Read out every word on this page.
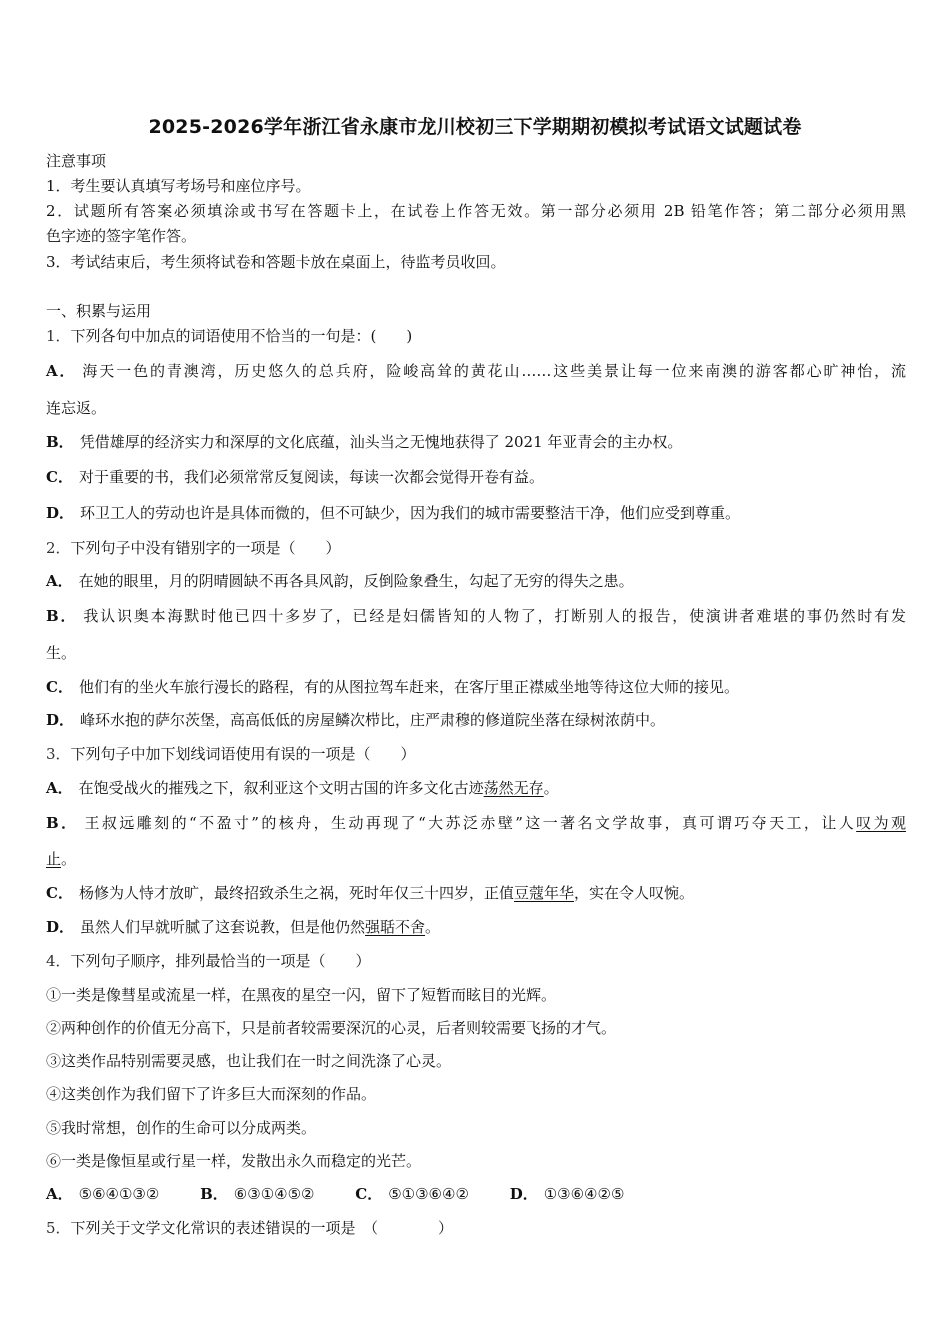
2025-2026学年浙江省永康市龙川校初三下学期期初模拟考试语文试题试卷
注意事项
1．考生要认真填写考场号和座位序号。
2．试题所有答案必须填涂或书写在答题卡上，在试卷上作答无效。第一部分必须用 2B 铅笔作答；第二部分必须用黑
色字迹的签字笔作答。
3．考试结束后，考生须将试卷和答题卡放在桌面上，待监考员收回。
一、积累与运用
1．下列各句中加点的词语使用不恰当的一句是：(　　)
A． 海天一色的青澳湾，历史悠久的总兵府，险峻高耸的黄花山……这些美景让每一位来南澳的游客都心旷神怡，流
连忘返。
B． 凭借雄厚的经济实力和深厚的文化底蕴，汕头当之无愧地获得了 2021 年亚青会的主办权。
C． 对于重要的书，我们必须常常反复阅读，每读一次都会觉得开卷有益。
D． 环卫工人的劳动也许是具体而微的，但不可缺少，因为我们的城市需要整洁干净，他们应受到尊重。
2．下列句子中没有错别字的一项是（　　）
A． 在她的眼里，月的阴晴圆缺不再各具风韵，反倒险象叠生，勾起了无穷的得失之患。
B． 我认识奥本海默时他已四十多岁了，已经是妇儒皆知的人物了，打断别人的报告，使演讲者难堪的事仍然时有发
生。
C． 他们有的坐火车旅行漫长的路程，有的从图拉驾车赶来，在客厅里正襟威坐地等待这位大师的接见。
D． 峰环水抱的萨尔茨堡，高高低低的房屋鳞次栉比，庄严肃穆的修道院坐落在绿树浓荫中。
3．下列句子中加下划线词语使用有误的一项是（　　）
A． 在饱受战火的摧残之下，叙利亚这个文明古国的许多文化古迹荡然无存。
B． 王叔远雕刻的“不盈寸”的核舟，生动再现了“大苏泛赤壁”这一著名文学故事，真可谓巧夺天工，让人叹为观
止。
C． 杨修为人恃才放旷，最终招致杀生之祸，死时年仅三十四岁，正值豆蔻年华，实在令人叹惋。
D． 虽然人们早就听腻了这套说教，但是他仍然强聒不舍。
4．下列句子顺序，排列最恰当的一项是（　　）
①一类是像彗星或流星一样，在黑夜的星空一闪，留下了短暂而眩目的光辉。
②两种创作的价值无分高下，只是前者较需要深沉的心灵，后者则较需要飞扬的才气。
③这类作品特别需要灵感，也让我们在一时之间洗涤了心灵。
④这类创作为我们留下了许多巨大而深刻的作品。
⑤我时常想，创作的生命可以分成两类。
⑥一类是像恒星或行星一样，发散出永久而稳定的光芒。
A． ⑤⑥④①③②	B． ⑥③①④⑤②	C． ⑤①③⑥④②	D． ①③⑥④②⑤
5．下列关于文学文化常识的表述错误的一项是　（　　　　）
